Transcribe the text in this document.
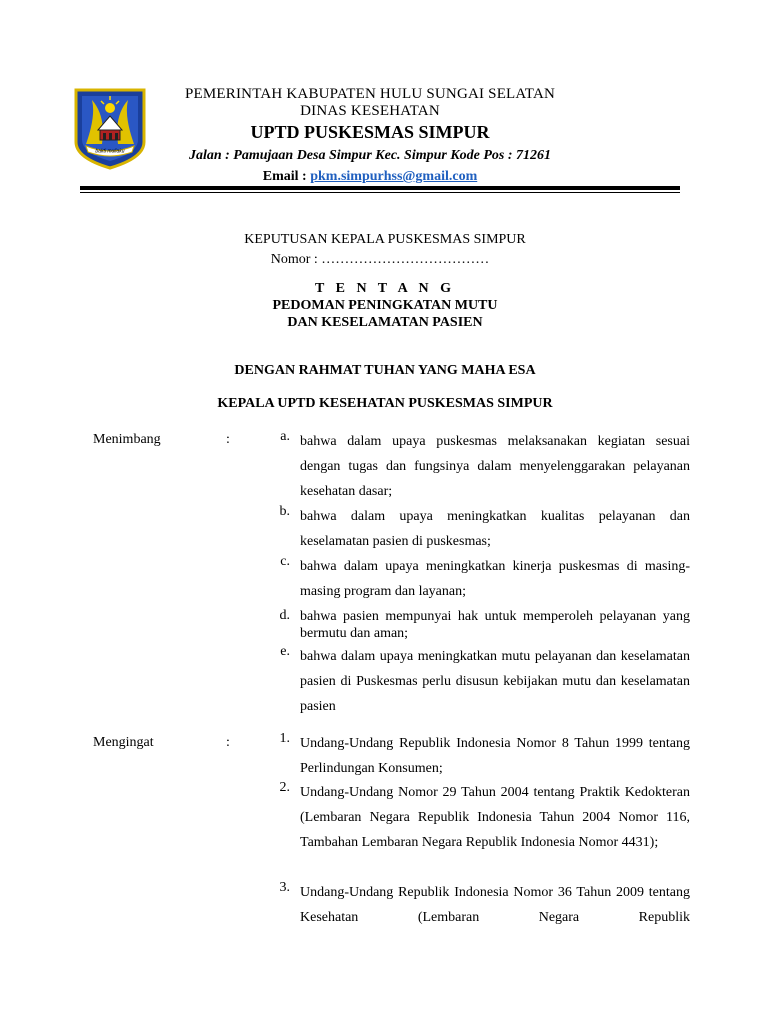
bakti muliaku
PEMERINTAH KABUPATEN HULU SUNGAI SELATAN
DINAS KESEHATAN
UPTD PUSKESMAS SIMPUR
Jalan : Pamujaan Desa Simpur Kec. Simpur Kode Pos : 71261
Email : pkm.simpurhss@gmail.com
KEPUTUSAN KEPALA PUSKESMAS SIMPUR
Nomor : ………………………………
T E N T A N G
PEDOMAN PENINGKATAN MUTU
DAN KESELAMATAN PASIEN
DENGAN RAHMAT TUHAN YANG MAHA ESA
KEPALA UPTD KESEHATAN PUSKESMAS SIMPUR
Menimbang	:	a. bahwa dalam upaya puskesmas melaksanakan kegiatan sesuai dengan tugas dan fungsinya dalam menyelenggarakan pelayanan kesehatan dasar;
b. bahwa dalam upaya meningkatkan kualitas pelayanan dan keselamatan pasien di puskesmas;
c. bahwa dalam upaya meningkatkan kinerja puskesmas di masing-masing program dan layanan;
d. bahwa pasien mempunyai hak untuk memperoleh pelayanan yang bermutu dan aman;
e. bahwa dalam upaya meningkatkan mutu pelayanan dan keselamatan pasien di Puskesmas perlu disusun kebijakan mutu dan keselamatan pasien
Mengingat	:	1. Undang-Undang Republik Indonesia Nomor 8 Tahun 1999 tentang Perlindungan Konsumen;
2. Undang-Undang Nomor 29 Tahun 2004 tentang Praktik Kedokteran (Lembaran Negara Republik Indonesia Tahun 2004 Nomor 116, Tambahan Lembaran Negara Republik Indonesia Nomor 4431);
3. Undang-Undang Republik Indonesia Nomor 36 Tahun 2009 tentang Kesehatan (Lembaran Negara Republik
